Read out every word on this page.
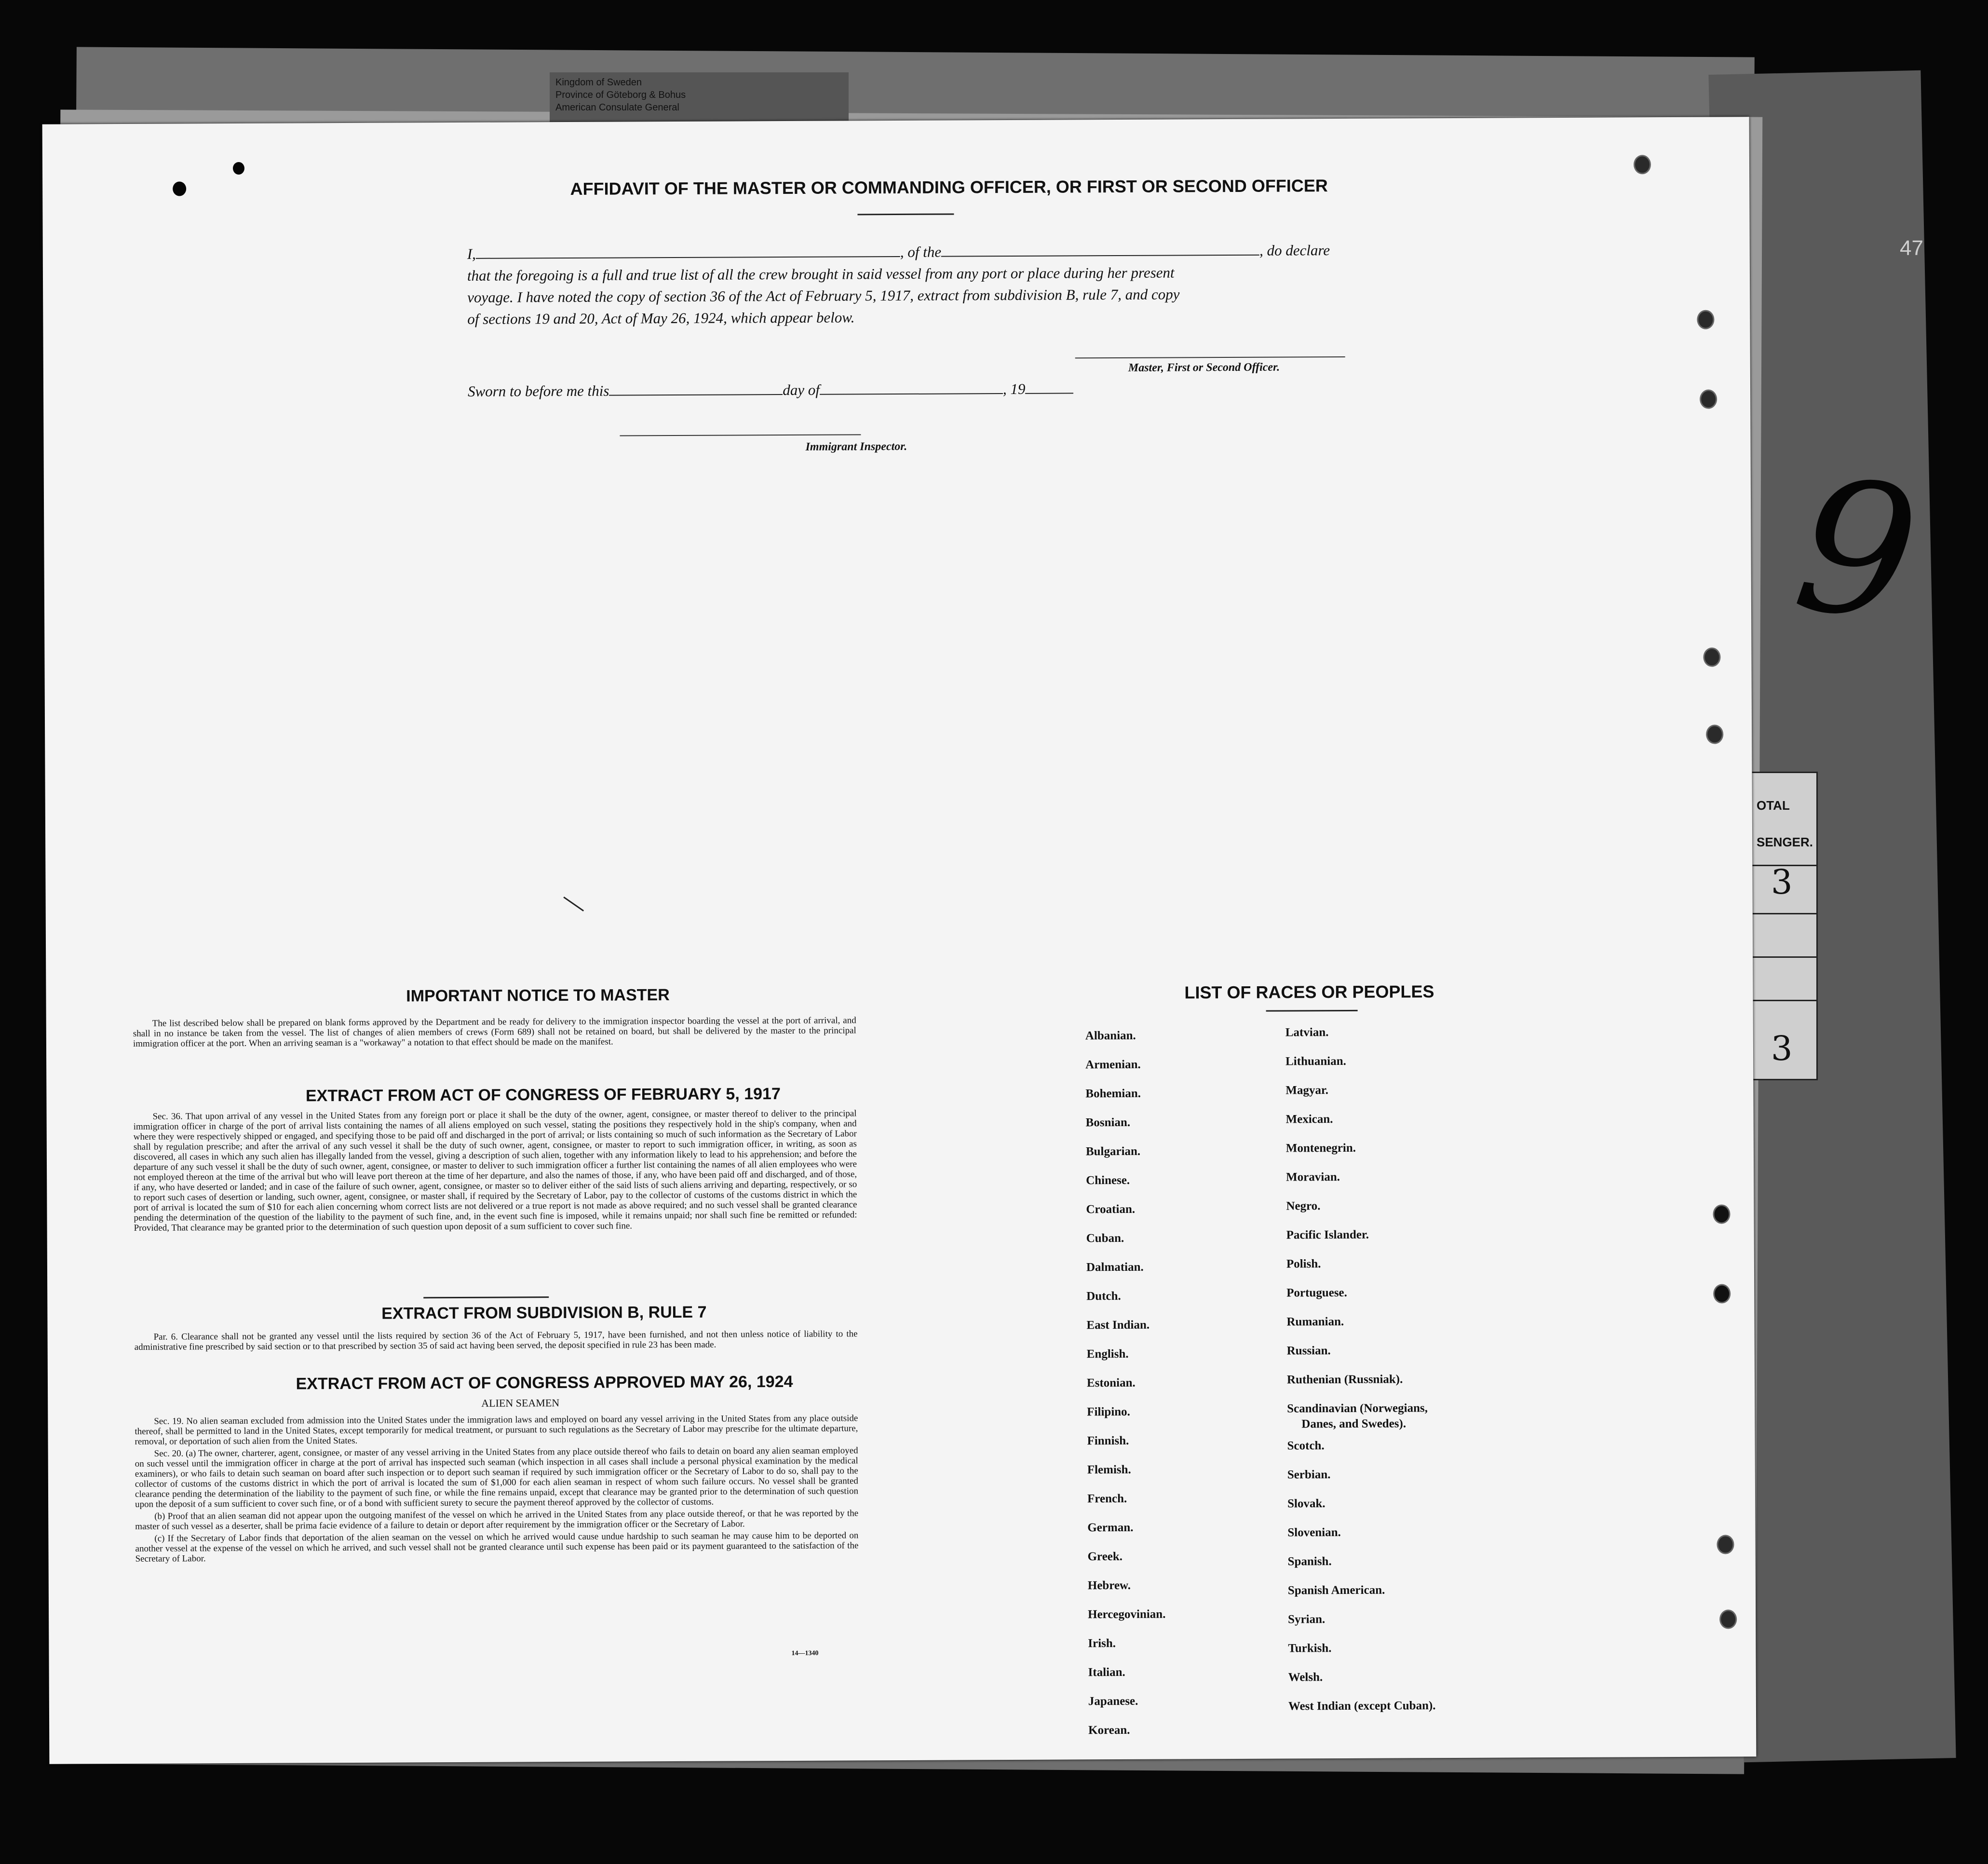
Kingdom of Sweden
Province of Göteborg & Bohus
American Consulate General
47
9
OTAL
SENGER.
3
3
AFFIDAVIT OF THE MASTER OR COMMANDING OFFICER, OR FIRST OR SECOND OFFICER
I,	, of the	, do declare
that the foregoing is a full and true list of all the crew brought in said vessel from any port or place during her present
voyage. I have noted the copy of section 36 of the Act of February 5, 1917, extract from subdivision B, rule 7, and copy
of sections 19 and 20, Act of May 26, 1924, which appear below.
Master, First or Second Officer.
Sworn to before me this	day of	, 19
Immigrant Inspector.
IMPORTANT NOTICE TO MASTER

The list described below shall be prepared on blank forms approved by the Department and be ready for delivery to the immigration inspector boarding the vessel at the port of arrival, and shall in no instance be taken from the vessel. The list of changes of alien members of crews (Form 689) shall not be retained on board, but shall be delivered by the master to the principal immigration officer at the port. When an arriving seaman is a "workaway" a notation to that effect should be made on the manifest.

EXTRACT FROM ACT OF CONGRESS OF FEBRUARY 5, 1917

Sec. 36. That upon arrival of any vessel in the United States from any foreign port or place it shall be the duty of the owner, agent, consignee, or master thereof to deliver to the principal immigration officer in charge of the port of arrival lists containing the names of all aliens employed on such vessel, stating the positions they respectively hold in the ship's company, when and where they were respectively shipped or engaged, and specifying those to be paid off and discharged in the port of arrival; or lists containing so much of such information as the Secretary of Labor shall by regulation prescribe; and after the arrival of any such vessel it shall be the duty of such owner, agent, consignee, or master to report to such immigration officer, in writing, as soon as discovered, all cases in which any such alien has illegally landed from the vessel, giving a description of such alien, together with any information likely to lead to his apprehension; and before the departure of any such vessel it shall be the duty of such owner, agent, consignee, or master to deliver to such immigration officer a further list containing the names of all alien employees who were not employed thereon at the time of the arrival but who will leave port thereon at the time of her departure, and also the names of those, if any, who have been paid off and discharged, and of those, if any, who have deserted or landed; and in case of the failure of such owner, agent, consignee, or master so to deliver either of the said lists of such aliens arriving and departing, respectively, or so to report such cases of desertion or landing, such owner, agent, consignee, or master shall, if required by the Secretary of Labor, pay to the collector of customs of the customs district in which the port of arrival is located the sum of $10 for each alien concerning whom correct lists are not delivered or a true report is not made as above required; and no such vessel shall be granted clearance pending the determination of the question of the liability to the payment of such fine, and, in the event such fine is imposed, while it remains unpaid; nor shall such fine be remitted or refunded: Provided, That clearance may be granted prior to the determination of such question upon deposit of a sum sufficient to cover such fine.

EXTRACT FROM SUBDIVISION B, RULE 7

Par. 6. Clearance shall not be granted any vessel until the lists required by section 36 of the Act of February 5, 1917, have been furnished, and not then unless notice of liability to the administrative fine prescribed by said section or to that prescribed by section 35 of said act having been served, the deposit specified in rule 23 has been made.

EXTRACT FROM ACT OF CONGRESS APPROVED MAY 26, 1924
ALIEN SEAMEN

Sec. 19. No alien seaman excluded from admission into the United States under the immigration laws and employed on board any vessel arriving in the United States from any place outside thereof, shall be permitted to land in the United States, except temporarily for medical treatment, or pursuant to such regulations as the Secretary of Labor may prescribe for the ultimate departure, removal, or deportation of such alien from the United States.

Sec. 20. (a) The owner, charterer, agent, consignee, or master of any vessel arriving in the United States from any place outside thereof who fails to detain on board any alien seaman employed on such vessel until the immigration officer in charge at the port of arrival has inspected such seaman (which inspection in all cases shall include a personal physical examination by the medical examiners), or who fails to detain such seaman on board after such inspection or to deport such seaman if required by such immigration officer or the Secretary of Labor to do so, shall pay to the collector of customs of the customs district in which the port of arrival is located the sum of $1,000 for each alien seaman in respect of whom such failure occurs. No vessel shall be granted clearance pending the determination of the liability to the payment of such fine, or while the fine remains unpaid, except that clearance may be granted prior to the determination of such question upon the deposit of a sum sufficient to cover such fine, or of a bond with sufficient surety to secure the payment thereof approved by the collector of customs.

(b) Proof that an alien seaman did not appear upon the outgoing manifest of the vessel on which he arrived in the United States from any place outside thereof, or that he was reported by the master of such vessel as a deserter, shall be prima facie evidence of a failure to detain or deport after requirement by the immigration officer or the Secretary of Labor.

(c) If the Secretary of Labor finds that deportation of the alien seaman on the vessel on which he arrived would cause undue hardship to such seaman he may cause him to be deported on another vessel at the expense of the vessel on which he arrived, and such vessel shall not be granted clearance until such expense has been paid or its payment guaranteed to the satisfaction of the Secretary of Labor.

14—1340
LIST OF RACES OR PEOPLES
Albanian.
Armenian.
Bohemian.
Bosnian.
Bulgarian.
Chinese.
Croatian.
Cuban.
Dalmatian.
Dutch.
East Indian.
English.
Estonian.
Filipino.
Finnish.
Flemish.
French.
German.
Greek.
Hebrew.
Hercegovinian.
Irish.
Italian.
Japanese.
Korean.
Latvian.
Lithuanian.
Magyar.
Mexican.
Montenegrin.
Moravian.
Negro.
Pacific Islander.
Polish.
Portuguese.
Rumanian.
Russian.
Ruthenian (Russniak).
Scandinavian (Norwegians,
Danes, and Swedes).
Scotch.
Serbian.
Slovak.
Slovenian.
Spanish.
Spanish American.
Syrian.
Turkish.
Welsh.
West Indian (except Cuban).
